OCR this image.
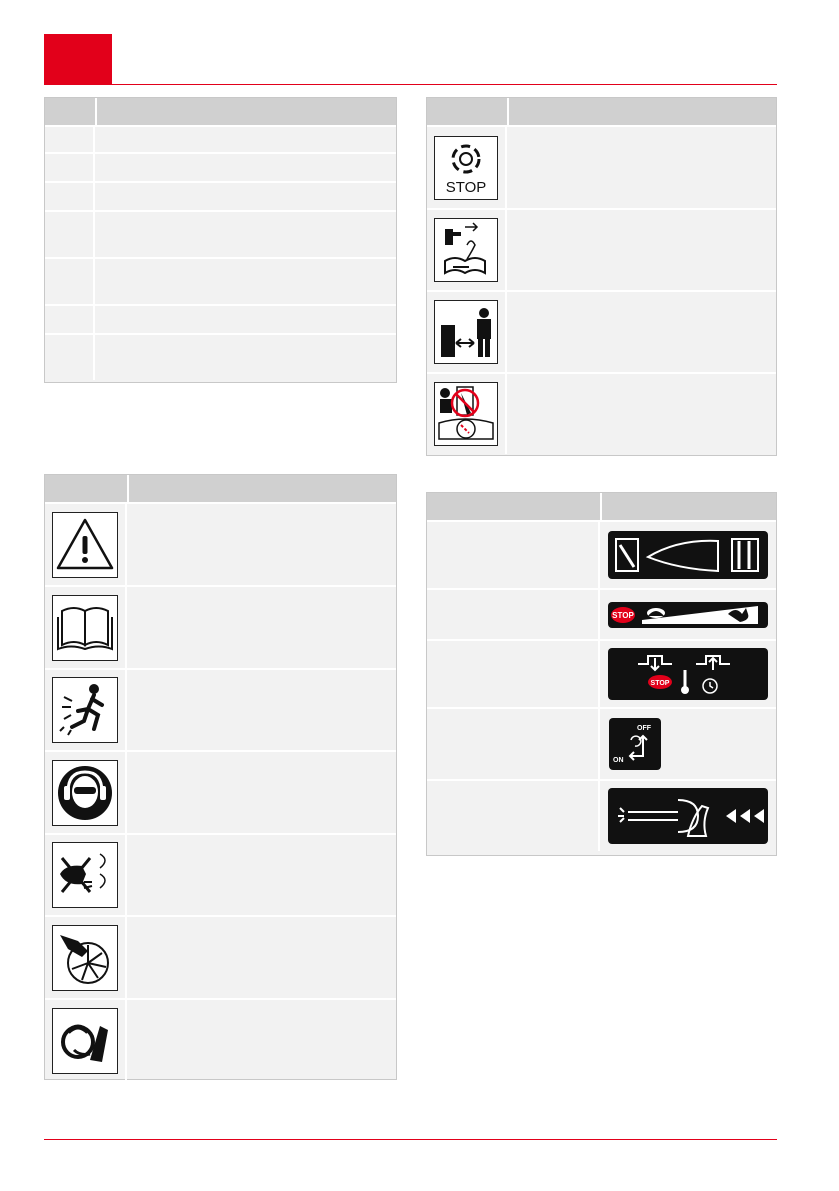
STOP
STOP
STOP
OFF
ON
